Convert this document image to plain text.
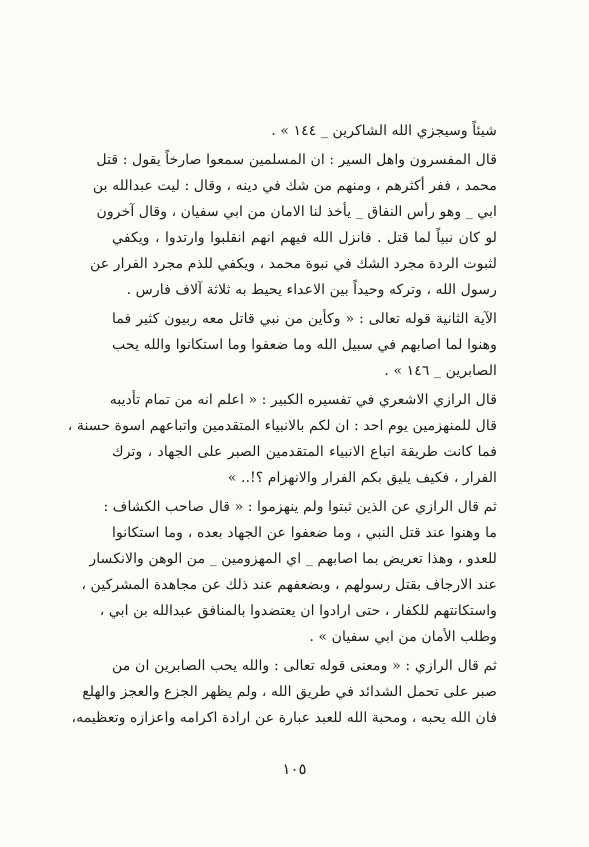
شيئاً وسيجزي الله الشاكرين _ ١٤٤ » .
قال المفسرون واهل السير : ان المسلمين سمعوا صارخاً يقول : قتل
محمد ، ففر أكثرهم ، ومنهم من شك في دينه ، وقال : ليت عبدالله بن
ابي _ وهو رأس النفاق _ يأخذ لنا الامان من ابي سفيان ، وقال آخرون
لو كان نبياً لما قتل . فانزل الله فيهم انهم انقلبوا وارتدوا ، ويكفي
لثبوت الردة مجرد الشك في نبوة محمد ، ويكفي للذم مجرد الفرار عن
رسول الله ، وتركه وحيداً بين الاعداء يحيط به ثلاثة آلاف فارس .
الآية الثانية قوله تعالى : « وكأين من نبي قاتل معه ربيون كثير فما
وهنوا لما اصابهم في سبيل الله وما ضعفوا وما استكانوا والله يحب
الصابرين _ ١٤٦ » .
قال الرازي الاشعري في تفسيره الكبير : « اعلم انه من تمام تأديبه
قال للمنهزمين يوم احد : ان لكم بالانبياء المتقدمين واتباعهم اسوة حسنة ،
فما كانت طريقة اتباع الانبياء المتقدمين الصبر على الجهاد ، وترك
الفرار ، فكيف يليق بكم الفرار والانهزام ؟!.. »
ثم قال الرازي عن الذين ثبتوا ولم ينهزموا : « قال صاحب الكشاف :
ما وهنوا عند قتل النبي ، وما ضعفوا عن الجهاد بعده ، وما استكانوا
للعدو ، وهذا تعريض بما اصابهم _ اي المهزومين _ من الوهن والانكسار
عند الارجاف بقتل رسولهم ، وبضعفهم عند ذلك عن مجاهدة المشركين ،
واستكانتهم للكفار ، حتى ارادوا ان يعتضدوا بالمنافق عبدالله بن ابي ،
وطلب الأمان من ابي سفيان » .
ثم قال الرازي : « ومعنى قوله تعالى : والله يحب الصابرين ان من
صبر على تحمل الشدائد في طريق الله ، ولم يظهر الجزع والعجز والهلع
فان الله يحبه ، ومحبة الله للعبد عبارة عن ارادة اكرامه واعزازه وتعظيمه،
١٠٥
